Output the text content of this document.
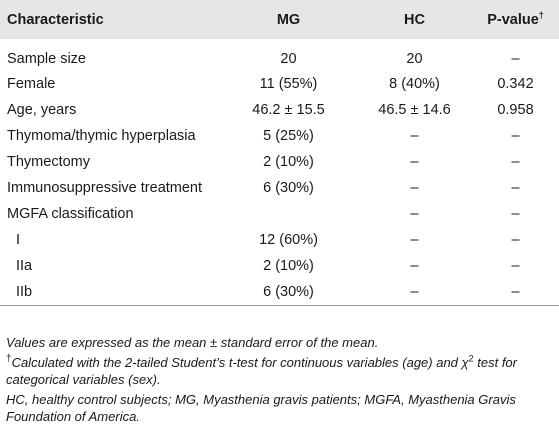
Characteristic	MG	HC	P-value†
Sample size	20	20	–
Female	11 (55%)	8 (40%)	0.342
Age, years	46.2 ± 15.5	46.5 ± 14.6	0.958
Thymoma/thymic hyperplasia	5 (25%)	–	–
Thymectomy	2 (10%)	–	–
Immunosuppressive treatment	6 (30%)	–	–
MGFA classification		–	–
I	12 (60%)	–	–
IIa	2 (10%)	–	–
IIb	6 (30%)	–	–

Values are expressed as the mean ± standard error of the mean.

†Calculated with the 2-tailed Student’s t-test for continuous variables (age) and $\chi^2$ test for categorical variables (sex).

HC, healthy control subjects; MG, Myasthenia gravis patients; MGFA, Myasthenia Gravis Foundation of America.
